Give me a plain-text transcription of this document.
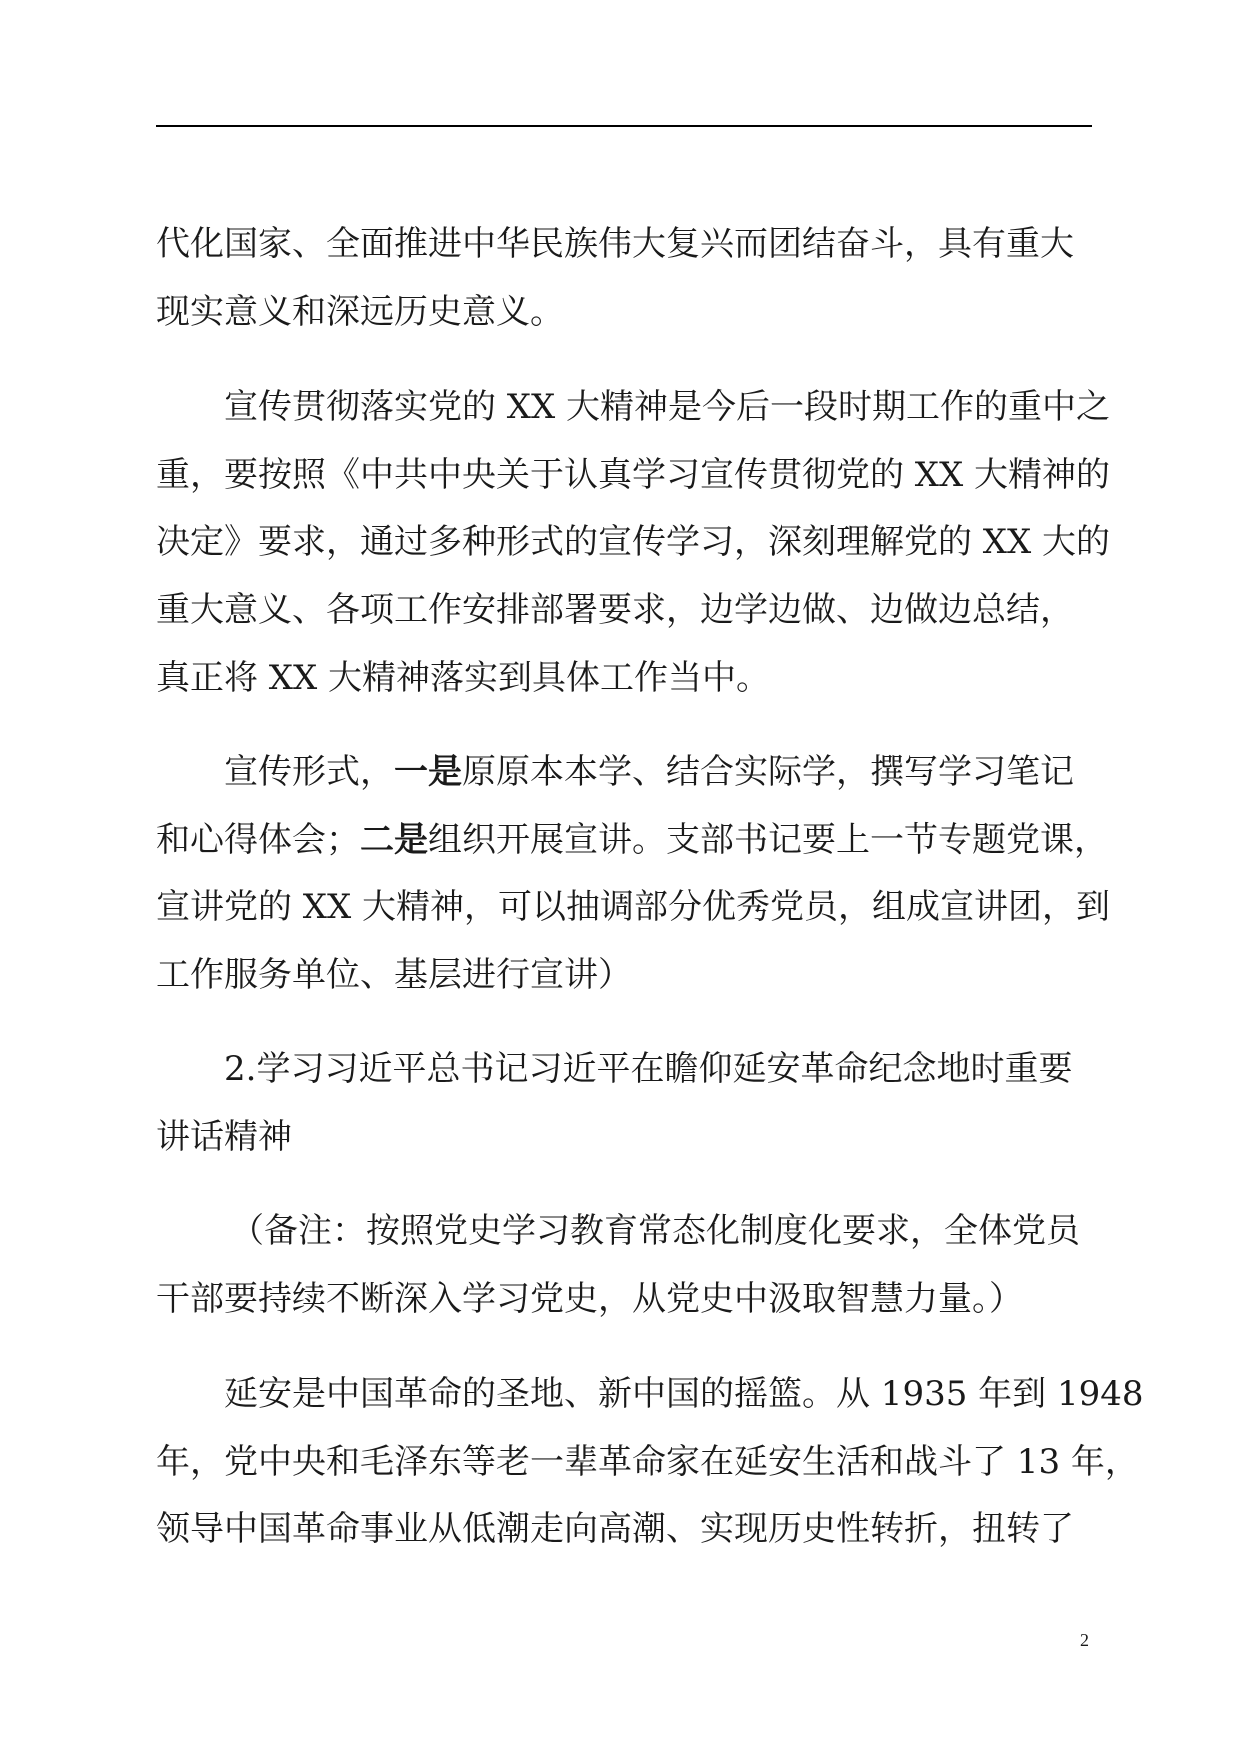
代化国家、全面推进中华民族伟大复兴而团结奋斗，具有重大
现实意义和深远历史意义。
宣传贯彻落实党的 XX 大精神是今后一段时期工作的重中之
重，要按照《中共中央关于认真学习宣传贯彻党的 XX 大精神的
决定》要求，通过多种形式的宣传学习，深刻理解党的 XX 大的
重大意义、各项工作安排部署要求，边学边做、边做边总结，
真正将 XX 大精神落实到具体工作当中。
宣传形式，一是原原本本学、结合实际学，撰写学习笔记
和心得体会；二是组织开展宣讲。支部书记要上一节专题党课，
宣讲党的 XX 大精神，可以抽调部分优秀党员，组成宣讲团，到
工作服务单位、基层进行宣讲）
2.学习习近平总书记习近平在瞻仰延安革命纪念地时重要
讲话精神
（备注：按照党史学习教育常态化制度化要求，全体党员
干部要持续不断深入学习党史，从党史中汲取智慧力量。）
延安是中国革命的圣地、新中国的摇篮。从 1935 年到 1948
年，党中央和毛泽东等老一辈革命家在延安生活和战斗了 13 年，
领导中国革命事业从低潮走向高潮、实现历史性转折，扭转了
2
